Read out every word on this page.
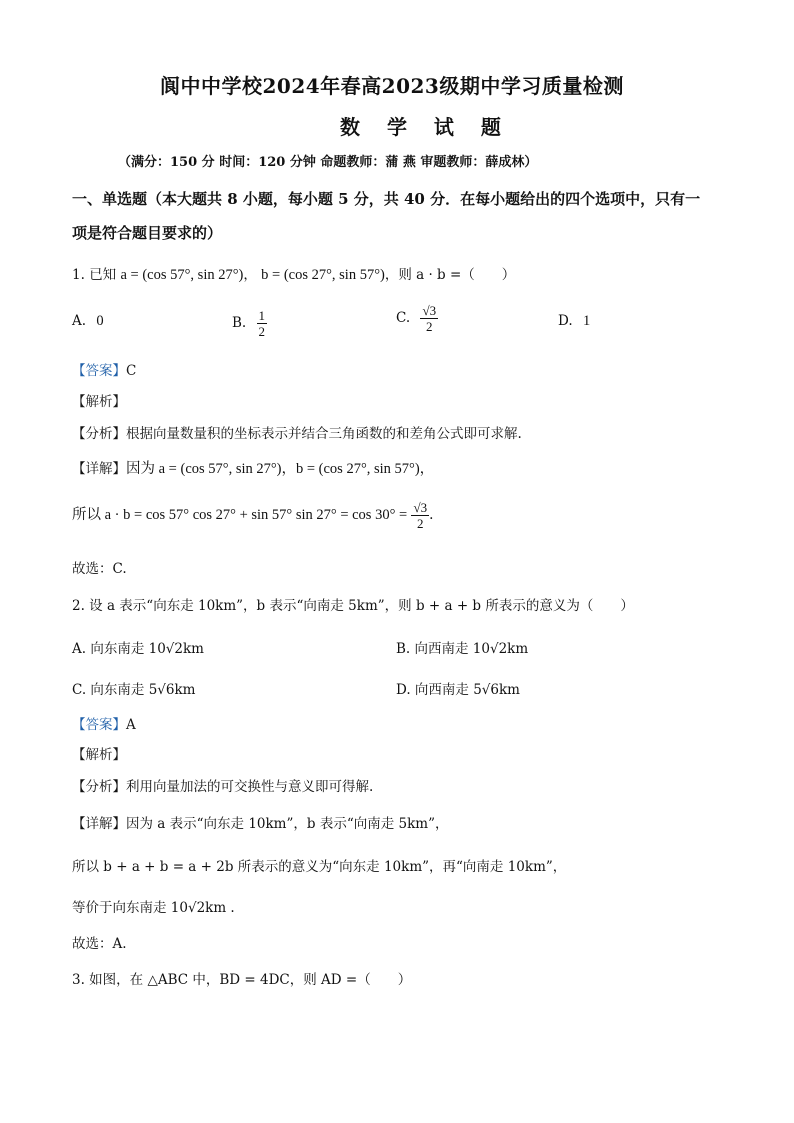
阆中中学校2024年春高2023级期中学习质量检测
数 学 试 题
（满分：150 分 时间：120 分钟 命题教师：蒲 燕 审题教师：薛成林）
一、单选题（本大题共 8 小题，每小题 5 分，共 40 分．在每小题给出的四个选项中，只有一
项是符合题目要求的）
1. 已知 a = (cos 57°, sin 27°)， b = (cos 27°, sin 57°)，则 a · b =（　　）
A. 0	B. $\frac{1}{2}$	C. $\frac{√3}{2}$	D. 1
【答案】C
【解析】
【分析】根据向量数量积的坐标表示并结合三角函数的和差角公式即可求解.
【详解】因为 a = (cos 57°, sin 27°)，b = (cos 27°, sin 57°)，
所以 a · b = cos 57° cos 27° + sin 57° $\sin 27^\circ = \cos 30^\circ = \frac{√3}{2}$ .
故选：C.
2. 设 a 表示“向东走 10km”，b 表示“向南走 5km”，则 b + a + b 所表示的意义为（　　）
A. 向东南走 10√2km	B. 向西南走 10√2km
C. 向东南走 5√6km	D. 向西南走 5√6km
【答案】A
【解析】
【分析】利用向量加法的可交换性与意义即可得解.
【详解】因为 a 表示“向东走 10km”，b 表示“向南走 5km”，
所以 b + a + b = a + 2b 所表示的意义为“向东走 10km”，再“向南走 10km”，
等价于向东南走 10√2km .
故选：A.
3. 如图，在 △ABC 中，BD = 4DC，则 AD =（　　）
